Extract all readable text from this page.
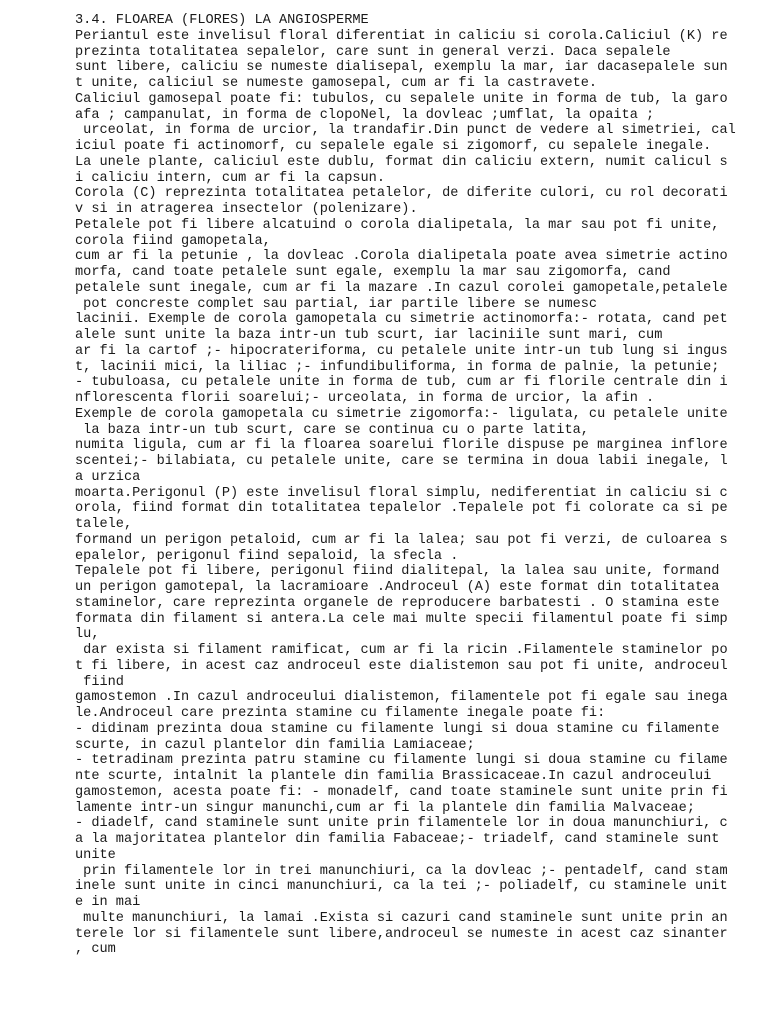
3.4. FLOAREA (FLORES) LA ANGIOSPERME

Periantul este invelisul floral diferentiat in caliciu si corola.Caliciul (K) re

prezinta totalitatea sepalelor, care sunt in general verzi. Daca sepalele

sunt libere, caliciu se numeste dialisepal, exemplu la mar, iar dacasepalele sun

t unite, caliciul se numeste gamosepal, cum ar fi la castravete.

Caliciul gamosepal poate fi: tubulos, cu sepalele unite in forma de tub, la garo

afa ; campanulat, in forma de clopoNel, la dovleac ;umflat, la opaita ;

urceolat, in forma de urcior, la trandafir.Din punct de vedere al simetriei, cal

iciul poate fi actinomorf, cu sepalele egale si zigomorf, cu sepalele inegale.

La unele plante, caliciul este dublu, format din caliciu extern, numit calicul s

i caliciu intern, cum ar fi la capsun.

Corola (C) reprezinta totalitatea petalelor, de diferite culori, cu rol decorati

v si in atragerea insectelor (polenizare).

Petalele pot fi libere alcatuind o corola dialipetala, la mar sau pot fi unite,

corola fiind gamopetala,

cum ar fi la petunie , la dovleac .Corola dialipetala poate avea simetrie actino

morfa, cand toate petalele sunt egale, exemplu la mar sau zigomorfa, cand

petalele sunt inegale, cum ar fi la mazare .In cazul corolei gamopetale,petalele

pot concreste complet sau partial, iar partile libere se numesc

lacinii. Exemple de corola gamopetala cu simetrie actinomorfa:- rotata, cand pet

alele sunt unite la baza intr-un tub scurt, iar laciniile sunt mari, cum

ar fi la cartof ;- hipocrateriforma, cu petalele unite intr-un tub lung si ingus

t, lacinii mici, la liliac ;- infundibuliforma, in forma de palnie, la petunie;

- tubuloasa, cu petalele unite in forma de tub, cum ar fi florile centrale din i

nflorescenta florii soarelui;- urceolata, in forma de urcior, la afin .

Exemple de corola gamopetala cu simetrie zigomorfa:- ligulata, cu petalele unite

la baza intr-un tub scurt, care se continua cu o parte latita,

numita ligula, cum ar fi la floarea soarelui florile dispuse pe marginea inflore

scentei;- bilabiata, cu petalele unite, care se termina in doua labii inegale, l

a urzica

moarta.Perigonul (P) este invelisul floral simplu, nediferentiat in caliciu si c

orola, fiind format din totalitatea tepalelor .Tepalele pot fi colorate ca si pe

talele,

formand un perigon petaloid, cum ar fi la lalea; sau pot fi verzi, de culoarea s

epalelor, perigonul fiind sepaloid, la sfecla .

Tepalele pot fi libere, perigonul fiind dialitepal, la lalea sau unite, formand

un perigon gamotepal, la lacramioare .Androceul (A) este format din totalitatea

staminelor, care reprezinta organele de reproducere barbatesti . O stamina este

formata din filament si antera.La cele mai multe specii filamentul poate fi simp

lu,

dar exista si filament ramificat, cum ar fi la ricin .Filamentele staminelor po

t fi libere, in acest caz androceul este dialistemon sau pot fi unite, androceul

fiind

gamostemon .In cazul androceului dialistemon, filamentele pot fi egale sau inega

le.Androceul care prezinta stamine cu filamente inegale poate fi:

- didinam prezinta doua stamine cu filamente lungi si doua stamine cu filamente

scurte, in cazul plantelor din familia Lamiaceae;

- tetradinam prezinta patru stamine cu filamente lungi si doua stamine cu filame

nte scurte, intalnit la plantele din familia Brassicaceae.In cazul androceului

gamostemon, acesta poate fi: - monadelf, cand toate staminele sunt unite prin fi

lamente intr-un singur manunchi,cum ar fi la plantele din familia Malvaceae;

- diadelf, cand staminele sunt unite prin filamentele lor in doua manunchiuri, c

a la majoritatea plantelor din familia Fabaceae;- triadelf, cand staminele sunt

unite

prin filamentele lor in trei manunchiuri, ca la dovleac ;- pentadelf, cand stam

inele sunt unite in cinci manunchiuri, ca la tei ;- poliadelf, cu staminele unit

e in mai

multe manunchiuri, la lamai .Exista si cazuri cand staminele sunt unite prin an

terele lor si filamentele sunt libere,androceul se numeste in acest caz sinanter

, cum
